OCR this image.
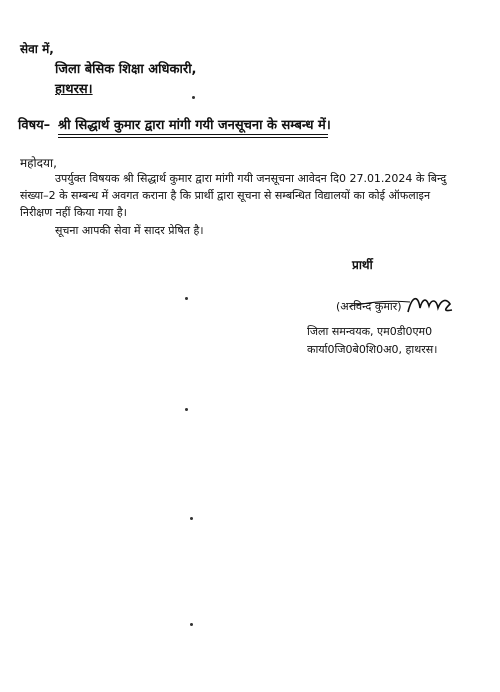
सेवा में,
जिला बेसिक शिक्षा अधिकारी,
हाथरस।
विषय– श्री सिद्धार्थ कुमार द्वारा मांगी गयी जनसूचना के सम्बन्ध में।
महोदया,
उपर्युक्त विषयक श्री सिद्धार्थ कुमार द्वारा मांगी गयी जनसूचना आवेदन दि0 27.01.2024 के बिन्दु
संख्या–2 के सम्बन्ध में अवगत कराना है कि प्रार्थी द्वारा सूचना से सम्बन्धित विद्यालयों का कोई ऑफलाइन
निरीक्षण नहीं किया गया है।
सूचना आपकी सेवा में सादर प्रेषित है।
प्रार्थी
(अरविन्द कुमार)
जिला समन्वयक, एम0डी0एम0
कार्या0जि0बे0शि0अ0, हाथरस।
